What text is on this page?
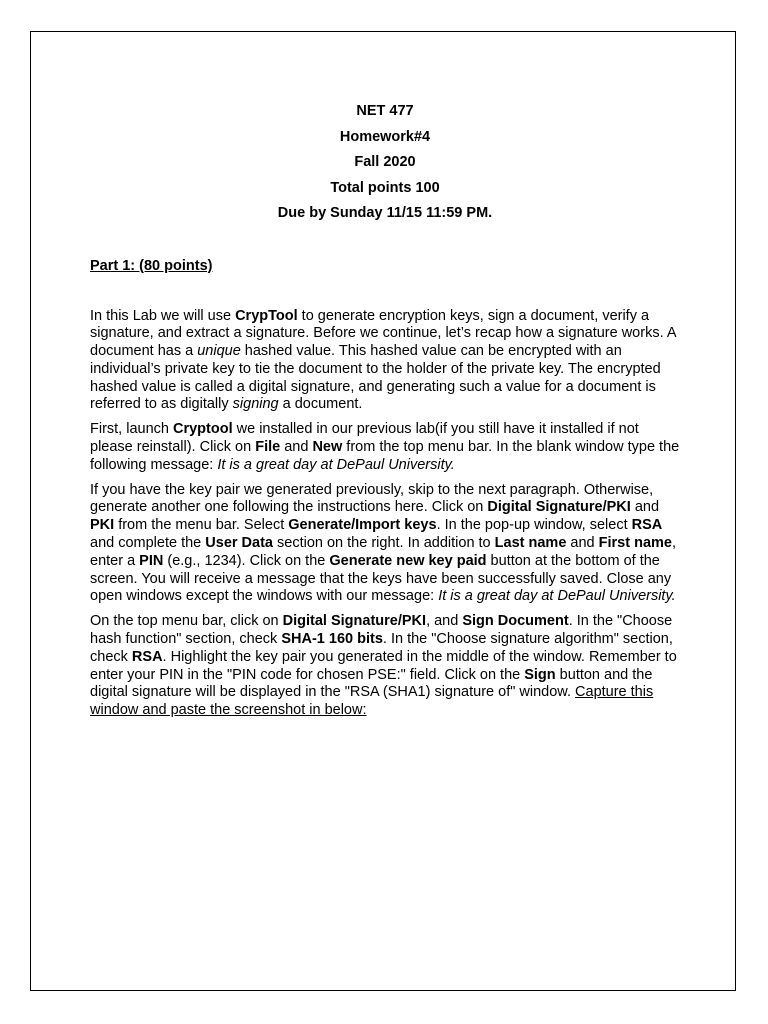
NET 477

Homework#4

Fall 2020

Total points 100

Due by Sunday 11/15 11:59 PM.

Part 1: (80 points)

In this Lab we will use CrypTool to generate encryption keys, sign a document, verify a signature, and extract a signature. Before we continue, let’s recap how a signature works. A document has a unique hashed value. This hashed value can be encrypted with an individual’s private key to tie the document to the holder of the private key. The encrypted hashed value is called a digital signature, and generating such a value for a document is referred to as digitally signing a document.

First, launch Cryptool we installed in our previous lab(if you still have it installed if not please reinstall). Click on File and New from the top menu bar. In the blank window type the following message: It is a great day at DePaul University.

If you have the key pair we generated previously, skip to the next paragraph. Otherwise, generate another one following the instructions here. Click on Digital Signature/PKI and PKI from the menu bar. Select Generate/Import keys. In the pop-up window, select RSA and complete the User Data section on the right. In addition to Last name and First name, enter a PIN (e.g., 1234). Click on the Generate new key paid button at the bottom of the screen. You will receive a message that the keys have been successfully saved. Close any open windows except the windows with our message: It is a great day at DePaul University.

On the top menu bar, click on Digital Signature/PKI, and Sign Document. In the "Choose hash function" section, check SHA-1 160 bits. In the "Choose signature algorithm" section, check RSA. Highlight the key pair you generated in the middle of the window. Remember to enter your PIN in the "PIN code for chosen PSE:" field. Click on the Sign button and the digital signature will be displayed in the "RSA (SHA1) signature of" window. Capture this window and paste the screenshot in below:
